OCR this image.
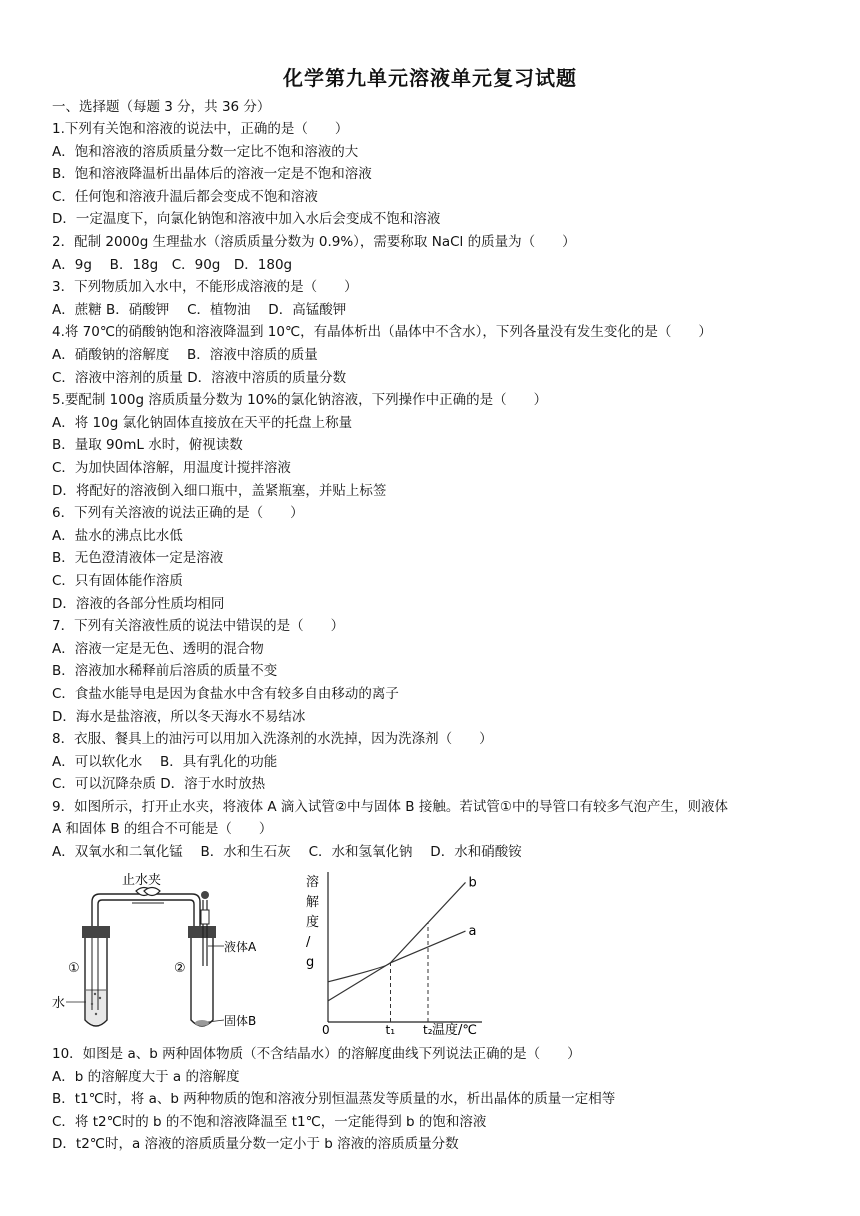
化学第九单元溶液单元复习试题
一、选择题（每题 3 分，共 36 分）
1.下列有关饱和溶液的说法中，正确的是（　　）
A．饱和溶液的溶质质量分数一定比不饱和溶液的大
B．饱和溶液降温析出晶体后的溶液一定是不饱和溶液
C．任何饱和溶液升温后都会变成不饱和溶液
D．一定温度下，向氯化钠饱和溶液中加入水后会变成不饱和溶液
2．配制 2000g 生理盐水（溶质质量分数为 0.9%），需要称取 NaCl 的质量为（　　）
A．9g　 B．18g　C．90g　D．180g
3．下列物质加入水中，不能形成溶液的是（　　）
A．蔗糖 B．硝酸钾　 C．植物油　 D．高锰酸钾
4.将 70℃的硝酸钠饱和溶液降温到 10℃，有晶体析出（晶体中不含水），下列各量没有发生变化的是（　　）
A．硝酸钠的溶解度　 B．溶液中溶质的质量
C．溶液中溶剂的质量 D．溶液中溶质的质量分数
5.要配制 100g 溶质质量分数为 10%的氯化钠溶液，下列操作中正确的是（　　）
A．将 10g 氯化钠固体直接放在天平的托盘上称量
B．量取 90mL 水时，俯视读数
C．为加快固体溶解，用温度计搅拌溶液
D．将配好的溶液倒入细口瓶中，盖紧瓶塞，并贴上标签
6．下列有关溶液的说法正确的是（　　）
A．盐水的沸点比水低
B．无色澄清液体一定是溶液
C．只有固体能作溶质
D．溶液的各部分性质均相同
7．下列有关溶液性质的说法中错误的是（　　）
A．溶液一定是无色、透明的混合物
B．溶液加水稀释前后溶质的质量不变
C．食盐水能导电是因为食盐水中含有较多自由移动的离子
D．海水是盐溶液，所以冬天海水不易结冰
8．衣服、餐具上的油污可以用加入洗涤剂的水洗掉，因为洗涤剂（　　）
A．可以软化水　 B．具有乳化的功能
C．可以沉降杂质 D．溶于水时放热
9．如图所示，打开止水夹，将液体 A 滴入试管②中与固体 B 接触。若试管①中的导管口有较多气泡产生，则液体
A 和固体 B 的组合不可能是（　　）
A．双氧水和二氧化锰　 B．水和生石灰　 C．水和氢氧化钠　 D．水和硝酸铵
止水夹
①
水
②
液体A
固体B
溶
解
度
/
g
温度/℃
0	t₁ t₂
a
b
10．如图是 a、b 两种固体物质（不含结晶水）的溶解度曲线下列说法正确的是（　　）
A．b 的溶解度大于 a 的溶解度
B．t1℃时，将 a、b 两种物质的饱和溶液分别恒温蒸发等质量的水，析出晶体的质量一定相等
C．将 t2℃时的 b 的不饱和溶液降温至 t1℃，一定能得到 b 的饱和溶液
D．t2℃时，a 溶液的溶质质量分数一定小于 b 溶液的溶质质量分数
